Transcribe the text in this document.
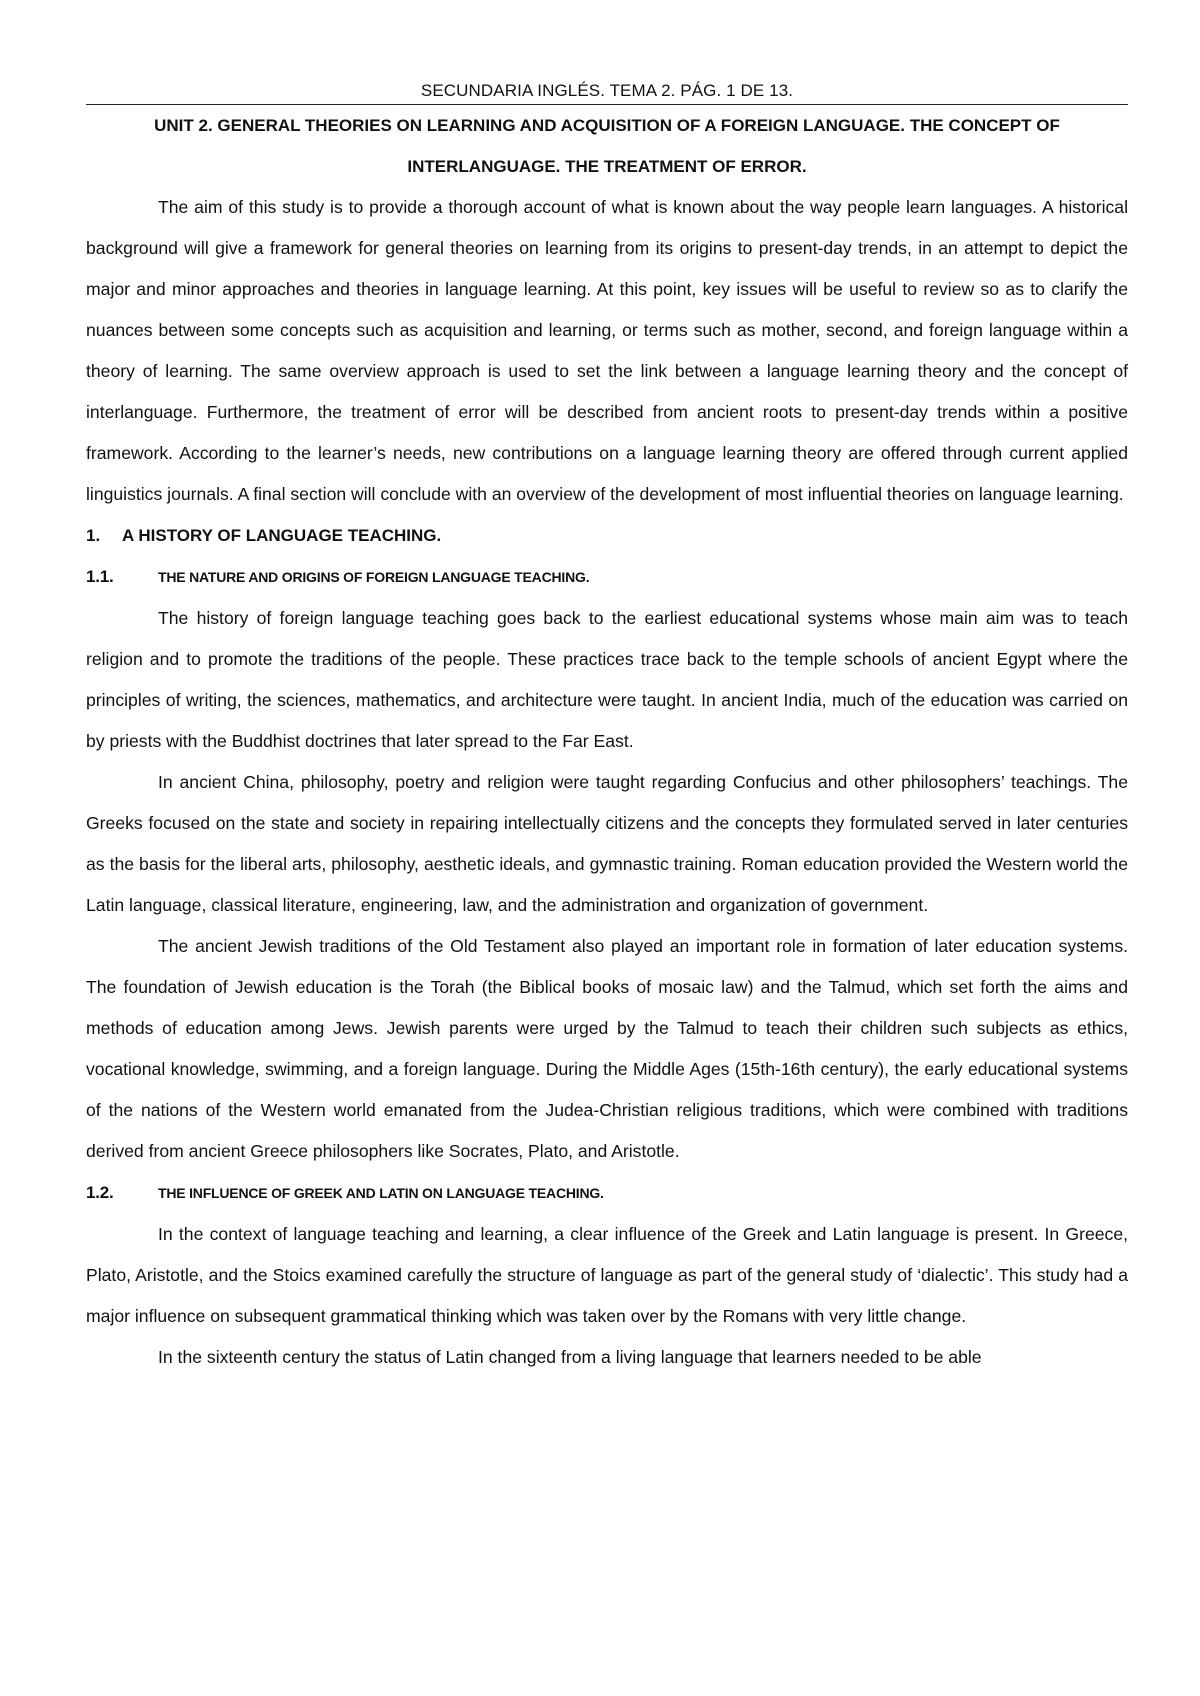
SECUNDARIA INGLÉS. TEMA 2. PÁG. 1 DE 13.

UNIT 2. GENERAL THEORIES ON LEARNING AND ACQUISITION OF A FOREIGN LANGUAGE. THE CONCEPT OF INTERLANGUAGE. THE TREATMENT OF ERROR.

The aim of this study is to provide a thorough account of what is known about the way people learn languages. A historical background will give a framework for general theories on learning from its origins to present-day trends, in an attempt to depict the major and minor approaches and theories in language learning. At this point, key issues will be useful to review so as to clarify the nuances between some concepts such as acquisition and learning, or terms such as mother, second, and foreign language within a theory of learning. The same overview approach is used to set the link between a language learning theory and the concept of interlanguage. Furthermore, the treatment of error will be described from ancient roots to present-day trends within a positive framework. According to the learner’s needs, new contributions on a language learning theory are offered through current applied linguistics journals. A final section will conclude with an overview of the development of most influential theories on language learning.

1. A HISTORY OF LANGUAGE TEACHING.

1.1.	THE NATURE AND ORIGINS OF FOREIGN LANGUAGE TEACHING.

The history of foreign language teaching goes back to the earliest educational systems whose main aim was to teach religion and to promote the traditions of the people. These practices trace back to the temple schools of ancient Egypt where the principles of writing, the sciences, mathematics, and architecture were taught. In ancient India, much of the education was carried on by priests with the Buddhist doctrines that later spread to the Far East.

In ancient China, philosophy, poetry and religion were taught regarding Confucius and other philosophers’ teachings. The Greeks focused on the state and society in repairing intellectually citizens and the concepts they formulated served in later centuries as the basis for the liberal arts, philosophy, aesthetic ideals, and gymnastic training. Roman education provided the Western world the Latin language, classical literature, engineering, law, and the administration and organization of government.

The ancient Jewish traditions of the Old Testament also played an important role in formation of later education systems. The foundation of Jewish education is the Torah (the Biblical books of mosaic law) and the Talmud, which set forth the aims and methods of education among Jews. Jewish parents were urged by the Talmud to teach their children such subjects as ethics, vocational knowledge, swimming, and a foreign language. During the Middle Ages (15th-16th century), the early educational systems of the nations of the Western world emanated from the Judea-Christian religious traditions, which were combined with traditions derived from ancient Greece philosophers like Socrates, Plato, and Aristotle.

1.2.	THE INFLUENCE OF GREEK AND LATIN ON LANGUAGE TEACHING.

In the context of language teaching and learning, a clear influence of the Greek and Latin language is present. In Greece, Plato, Aristotle, and the Stoics examined carefully the structure of language as part of the general study of ‘dialectic’. This study had a major influence on subsequent grammatical thinking which was taken over by the Romans with very little change.

In the sixteenth century the status of Latin changed from a living language that learners needed to be able
